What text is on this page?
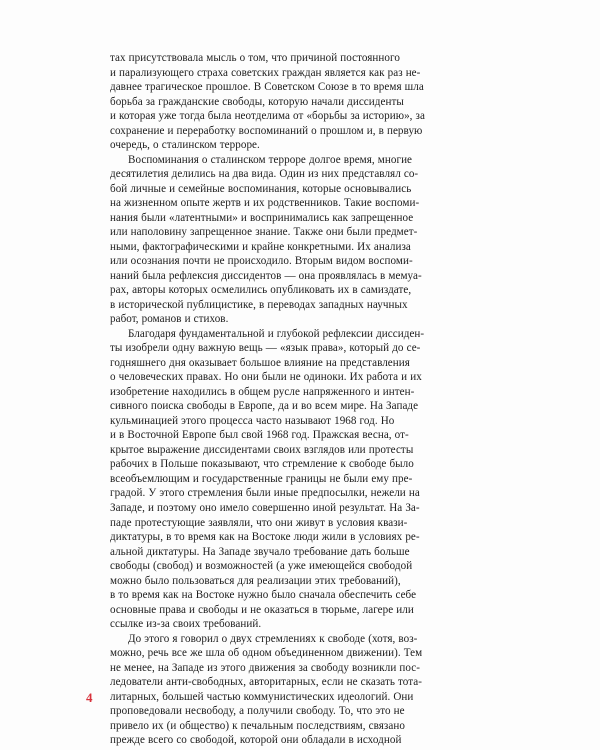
тах присутствовала мысль о том, что причиной постоянного
и парализующего страха советских граждан является как раз не-
давнее трагическое прошлое. В Советском Союзе в то время шла
борьба за гражданские свободы, которую начали диссиденты
и которая уже тогда была неотделима от «борьбы за историю», за
сохранение и переработку воспоминаний о прошлом и, в первую
очередь, о сталинском терроре.

Воспоминания о сталинском терроре долгое время, многие
десятилетия делились на два вида. Один из них представлял со-
бой личные и семейные воспоминания, которые основывались
на жизненном опыте жертв и их родственников. Такие воспоми-
нания были «латентными» и воспринимались как запрещенное
или наполовину запрещенное знание. Также они были предмет-
ными, фактографическими и крайне конкретными. Их анализа
или осознания почти не происходило. Вторым видом воспоми-
наний была рефлексия диссидентов — она проявлялась в мемуа-
рах, авторы которых осмелились опубликовать их в самиздате,
в исторической публицистике, в переводах западных научных
работ, романов и стихов.

Благодаря фундаментальной и глубокой рефлексии диссиден-
ты изобрели одну важную вещь — «язык права», который до се-
годняшнего дня оказывает большое влияние на представления
о человеческих правах. Но они были не одиноки. Их работа и их
изобретение находились в общем русле напряженного и интен-
сивного поиска свободы в Европе, да и во всем мире. На Западе
кульминацией этого процесса часто называют 1968 год. Но
и в Восточной Европе был свой 1968 год. Пражская весна, от-
крытое выражение диссидентами своих взглядов или протесты
рабочих в Польше показывают, что стремление к свободе было
всеобъемлющим и государственные границы не были ему пре-
градой. У этого стремления были иные предпосылки, нежели на
Западе, и поэтому оно имело совершенно иной результат. На За-
паде протестующие заявляли, что они живут в условия квази-
диктатуры, в то время как на Востоке люди жили в условиях ре-
альной диктатуры. На Западе звучало требование дать больше
свободы (свобод) и возможностей (а уже имеющейся свободой
можно было пользоваться для реализации этих требований),
в то время как на Востоке нужно было сначала обеспечить себе
основные права и свободы и не оказаться в тюрьме, лагере или
ссылке из-за своих требований.

До этого я говорил о двух стремлениях к свободе (хотя, воз-
можно, речь все же шла об одном объединенном движении). Тем
не менее, на Западе из этого движения за свободу возникли пос-
ледователи анти-свободных, авторитарных, если не сказать тота-
литарных, большей частью коммунистических идеологий. Они
проповедовали несвободу, а получили свободу. То, что это не
привело их (и общество) к печальным последствиям, связано
прежде всего со свободой, которой они обладали в исходной

4
